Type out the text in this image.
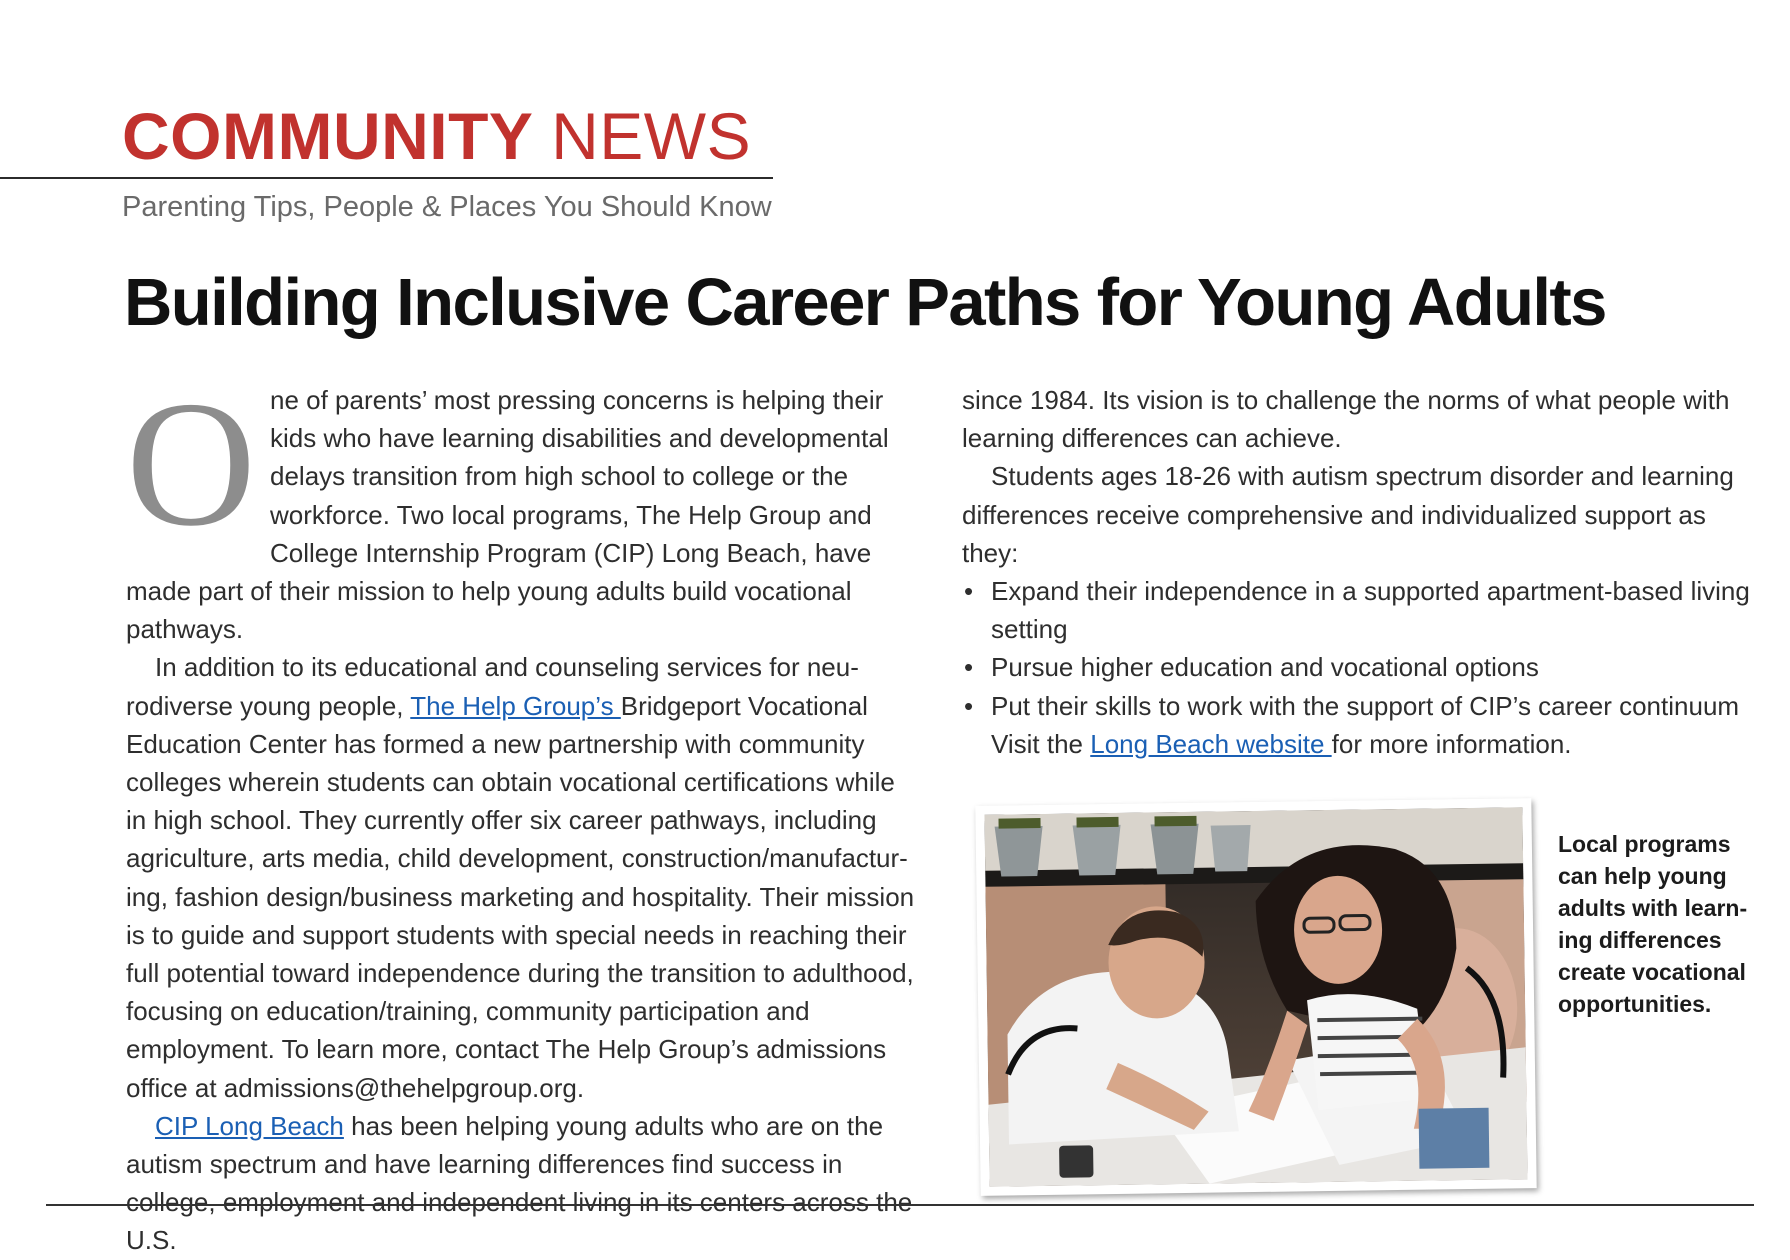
COMMUNITY NEWS
Parenting Tips, People & Places You Should Know
Building Inclusive Career Paths for Young Adults

One of parents’ most pressing concerns is helping their kids who have learning disabilities and developmental delays transition from high school to college or the workforce. Two local programs, The Help Group and College Internship Program (CIP) Long Beach, have made part of their mission to help young adults build vocational pathways.

In addition to its educational and counseling services for neurodiverse young people, The Help Group’s Bridgeport Vocational Education Center has formed a new partnership with community colleges wherein students can obtain vocational certifications while in high school. They currently offer six career pathways, including agriculture, arts media, child development, construction/manufacturing, fashion design/business marketing and hospitality. Their mission is to guide and support students with special needs in reaching their full potential toward independence during the transition to adulthood, focusing on education/training, community participation and employment. To learn more, contact The Help Group’s admissions office at admissions@thehelpgroup.org.

CIP Long Beach has been helping young adults who are on the autism spectrum and have learning differences find success in college, employment and independent living in its centers across the U.S.

since 1984. Its vision is to challenge the norms of what people with learning differences can achieve.

Students ages 18-26 with autism spectrum disorder and learning differences receive comprehensive and individualized support as they:

• Expand their independence in a supported apartment-based living setting
• Pursue higher education and vocational options
• Put their skills to work with the support of CIP’s career continuum

Visit the Long Beach website for more information.

Local programs can help young adults with learning differences create vocational opportunities.
